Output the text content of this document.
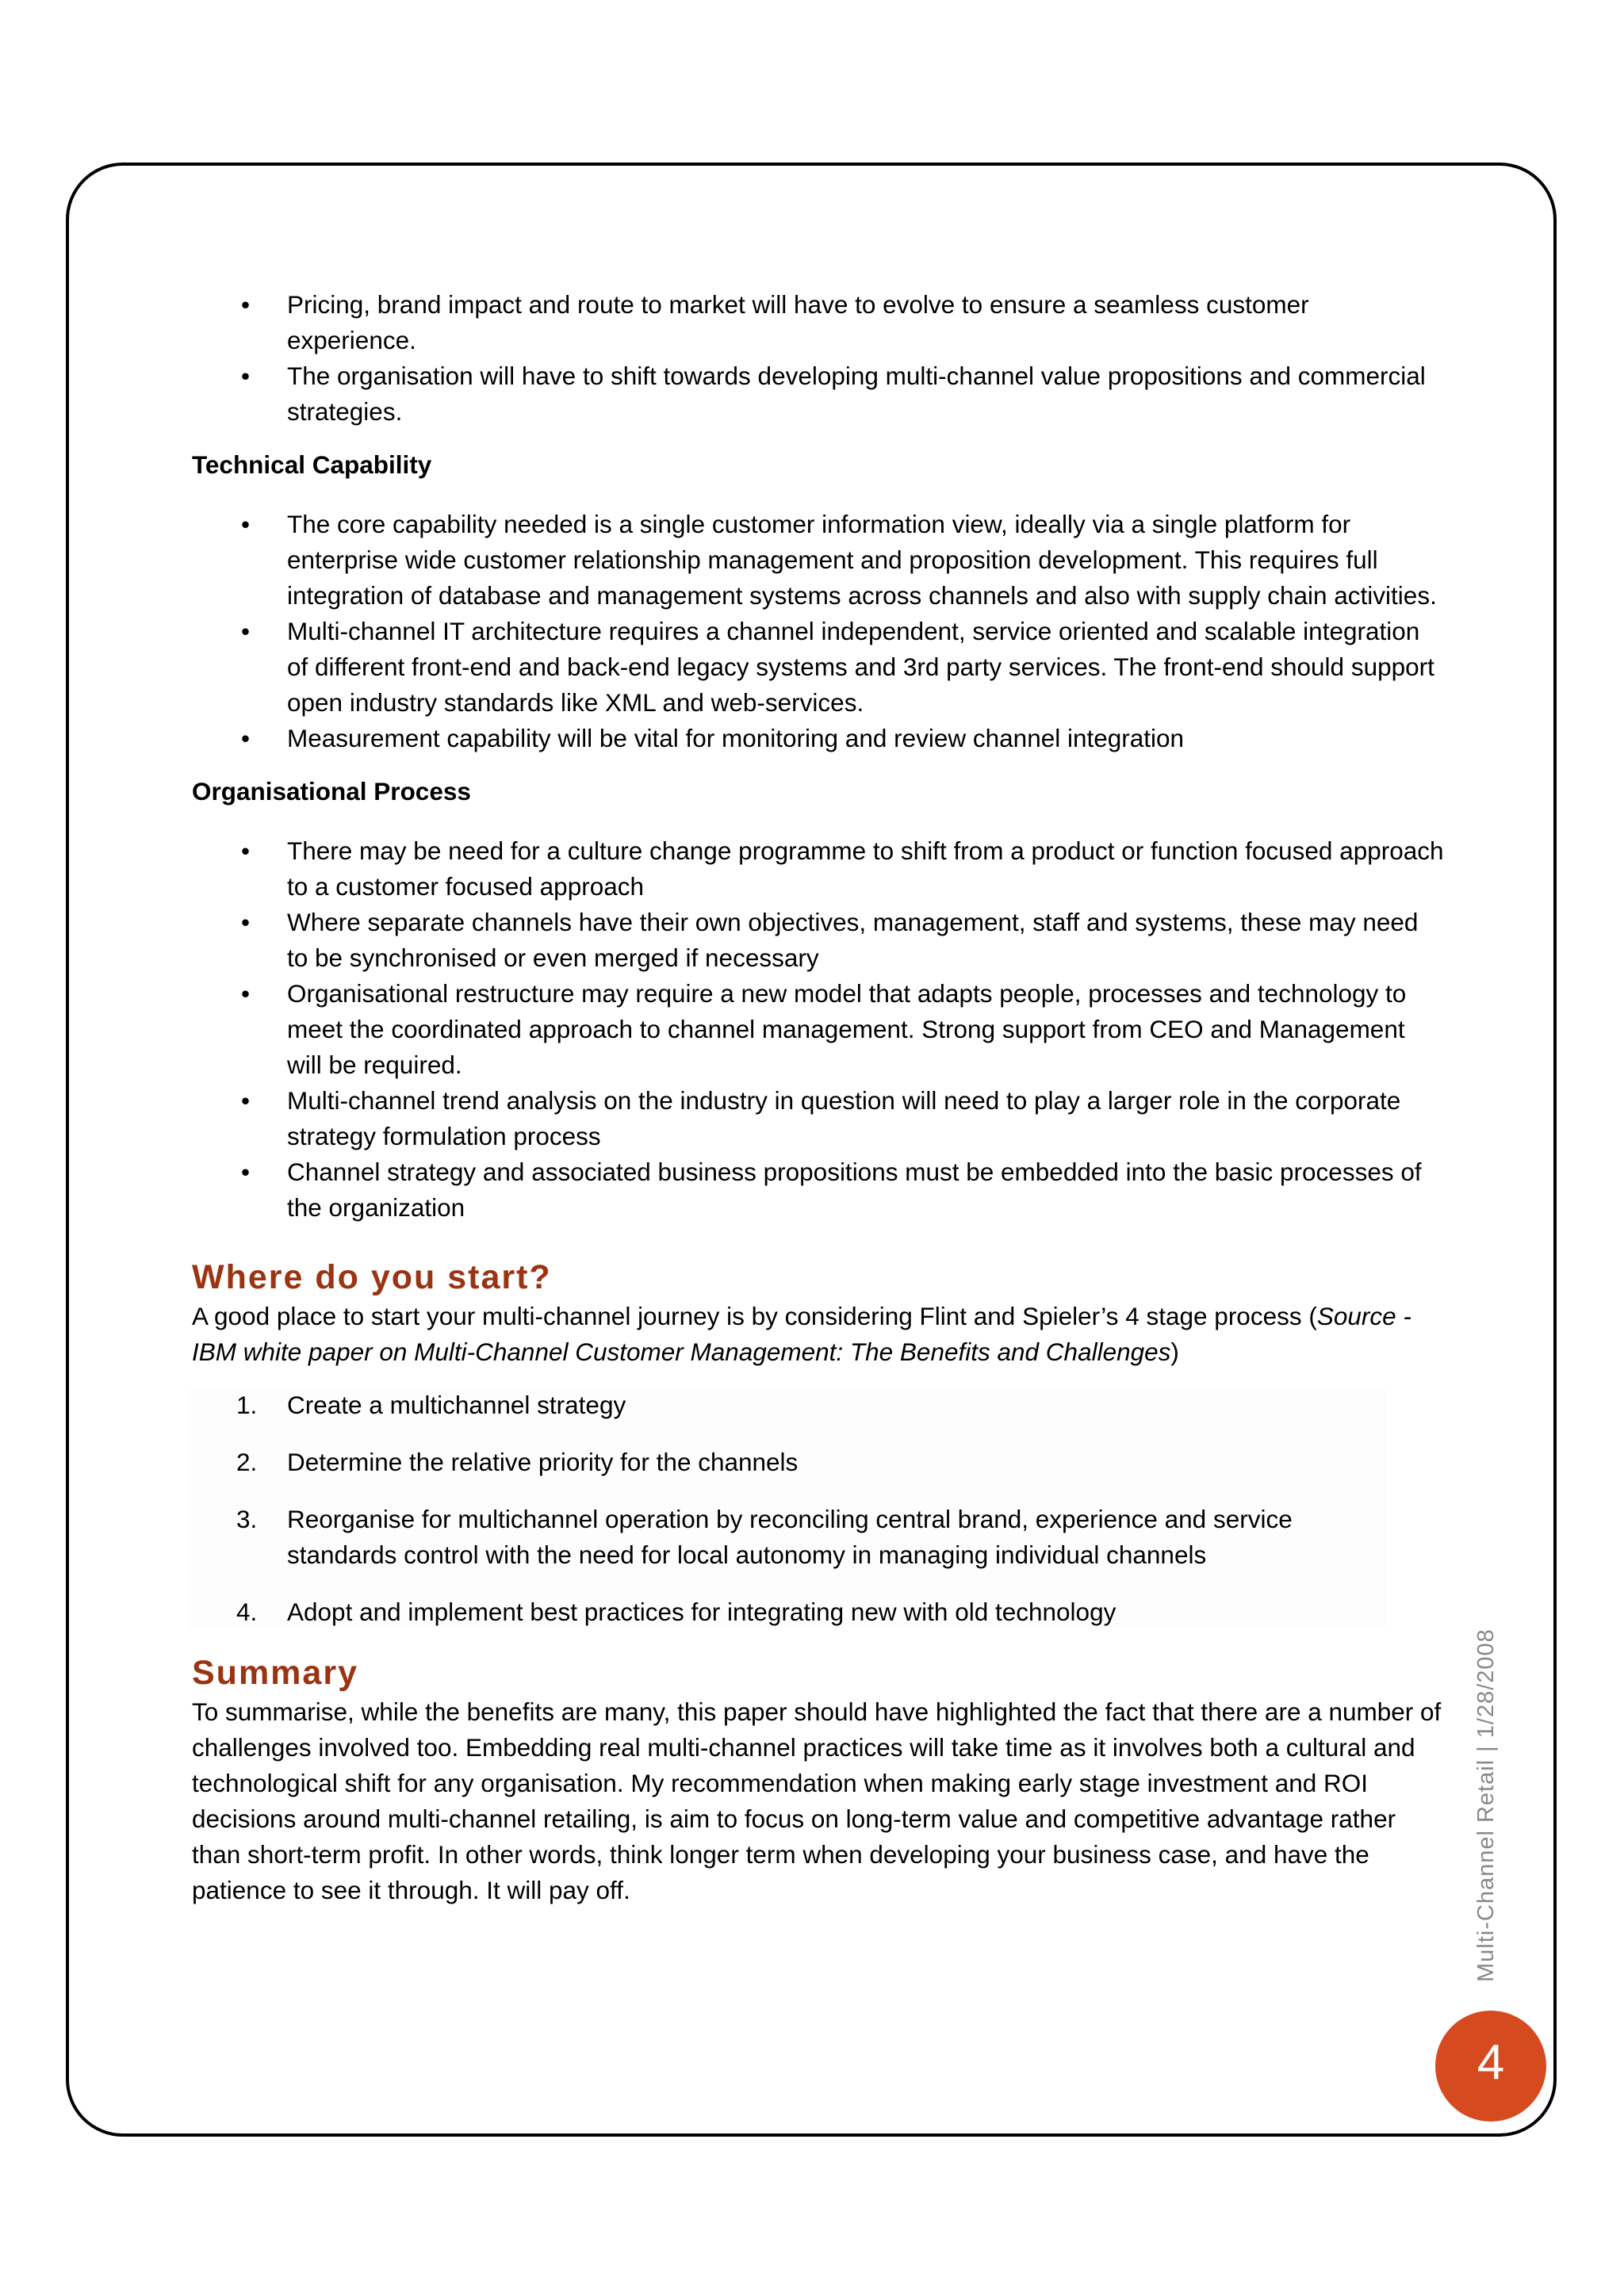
• Pricing, brand impact and route to market will have to evolve to ensure a seamless customer experience.
• The organisation will have to shift towards developing multi-channel value propositions and commercial strategies.
Technical Capability
• The core capability needed is a single customer information view, ideally via a single platform for enterprise wide customer relationship management and proposition development. This requires full integration of database and management systems across channels and also with supply chain activities.
• Multi-channel IT architecture requires a channel independent, service oriented and scalable integration of different front-end and back-end legacy systems and 3rd party services. The front-end should support open industry standards like XML and web-services.
• Measurement capability will be vital for monitoring and review channel integration
Organisational Process
• There may be need for a culture change programme to shift from a product or function focused approach to a customer focused approach
• Where separate channels have their own objectives, management, staff and systems, these may need to be synchronised or even merged if necessary
• Organisational restructure may require a new model that adapts people, processes and technology to meet the coordinated approach to channel management. Strong support from CEO and Management will be required.
• Multi-channel trend analysis on the industry in question will need to play a larger role in the corporate strategy formulation process
• Channel strategy and associated business propositions must be embedded into the basic processes of the organization
Where do you start?

A good place to start your multi-channel journey is by considering Flint and Spieler’s 4 stage process (Source - IBM white paper on Multi-Channel Customer Management: The Benefits and Challenges)

1. Create a multichannel strategy
2. Determine the relative priority for the channels
3. Reorganise for multichannel operation by reconciling central brand, experience and service standards control with the need for local autonomy in managing individual channels
4. Adopt and implement best practices for integrating new with old technology
Summary

To summarise, while the benefits are many, this paper should have highlighted the fact that there are a number of challenges involved too. Embedding real multi-channel practices will take time as it involves both a cultural and technological shift for any organisation. My recommendation when making early stage investment and ROI decisions around multi-channel retailing, is aim to focus on long-term value and competitive advantage rather than short-term profit. In other words, think longer term when developing your business case, and have the patience to see it through. It will pay off.	Multi-Channel Retail | 1/28/2008
4
